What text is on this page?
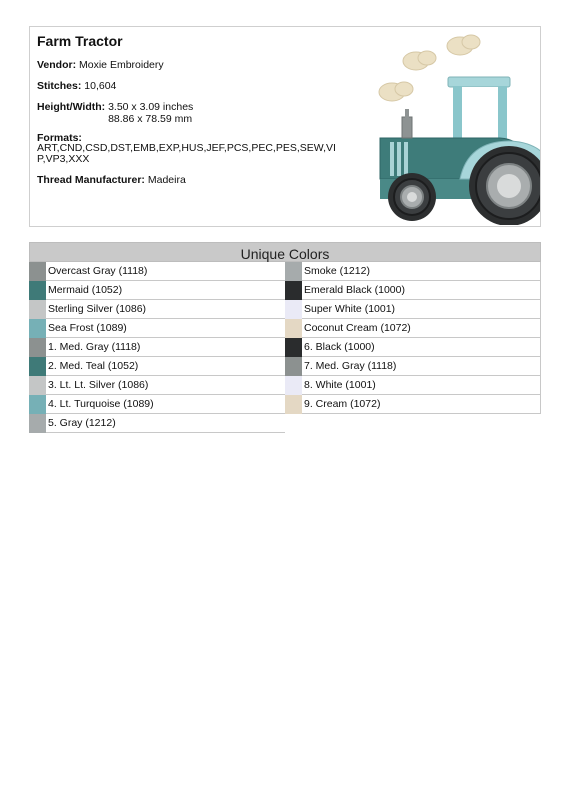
Farm Tractor
Vendor: Moxie Embroidery
Stitches: 10,604
Height/Width: 3.50 x 3.09 inches
88.86 x 78.59 mm
Formats:
ART,CND,CSD,DST,EMB,EXP,HUS,JEF,PCS,PEC,PES,SEW,VIP,VP3,XXX
Thread Manufacturer: Madeira
Unique Colors
Overcast Gray (1118)
Mermaid (1052)
Sterling Silver (1086)
Sea Frost (1089)
1. Med. Gray (1118)
2. Med. Teal (1052)
3. Lt. Lt. Silver (1086)
4. Lt. Turquoise (1089)
5. Gray (1212)
Smoke (1212)
Emerald Black (1000)
Super White (1001)
Coconut Cream (1072)
6. Black (1000)
7. Med. Gray (1118)
8. White (1001)
9. Cream (1072)
